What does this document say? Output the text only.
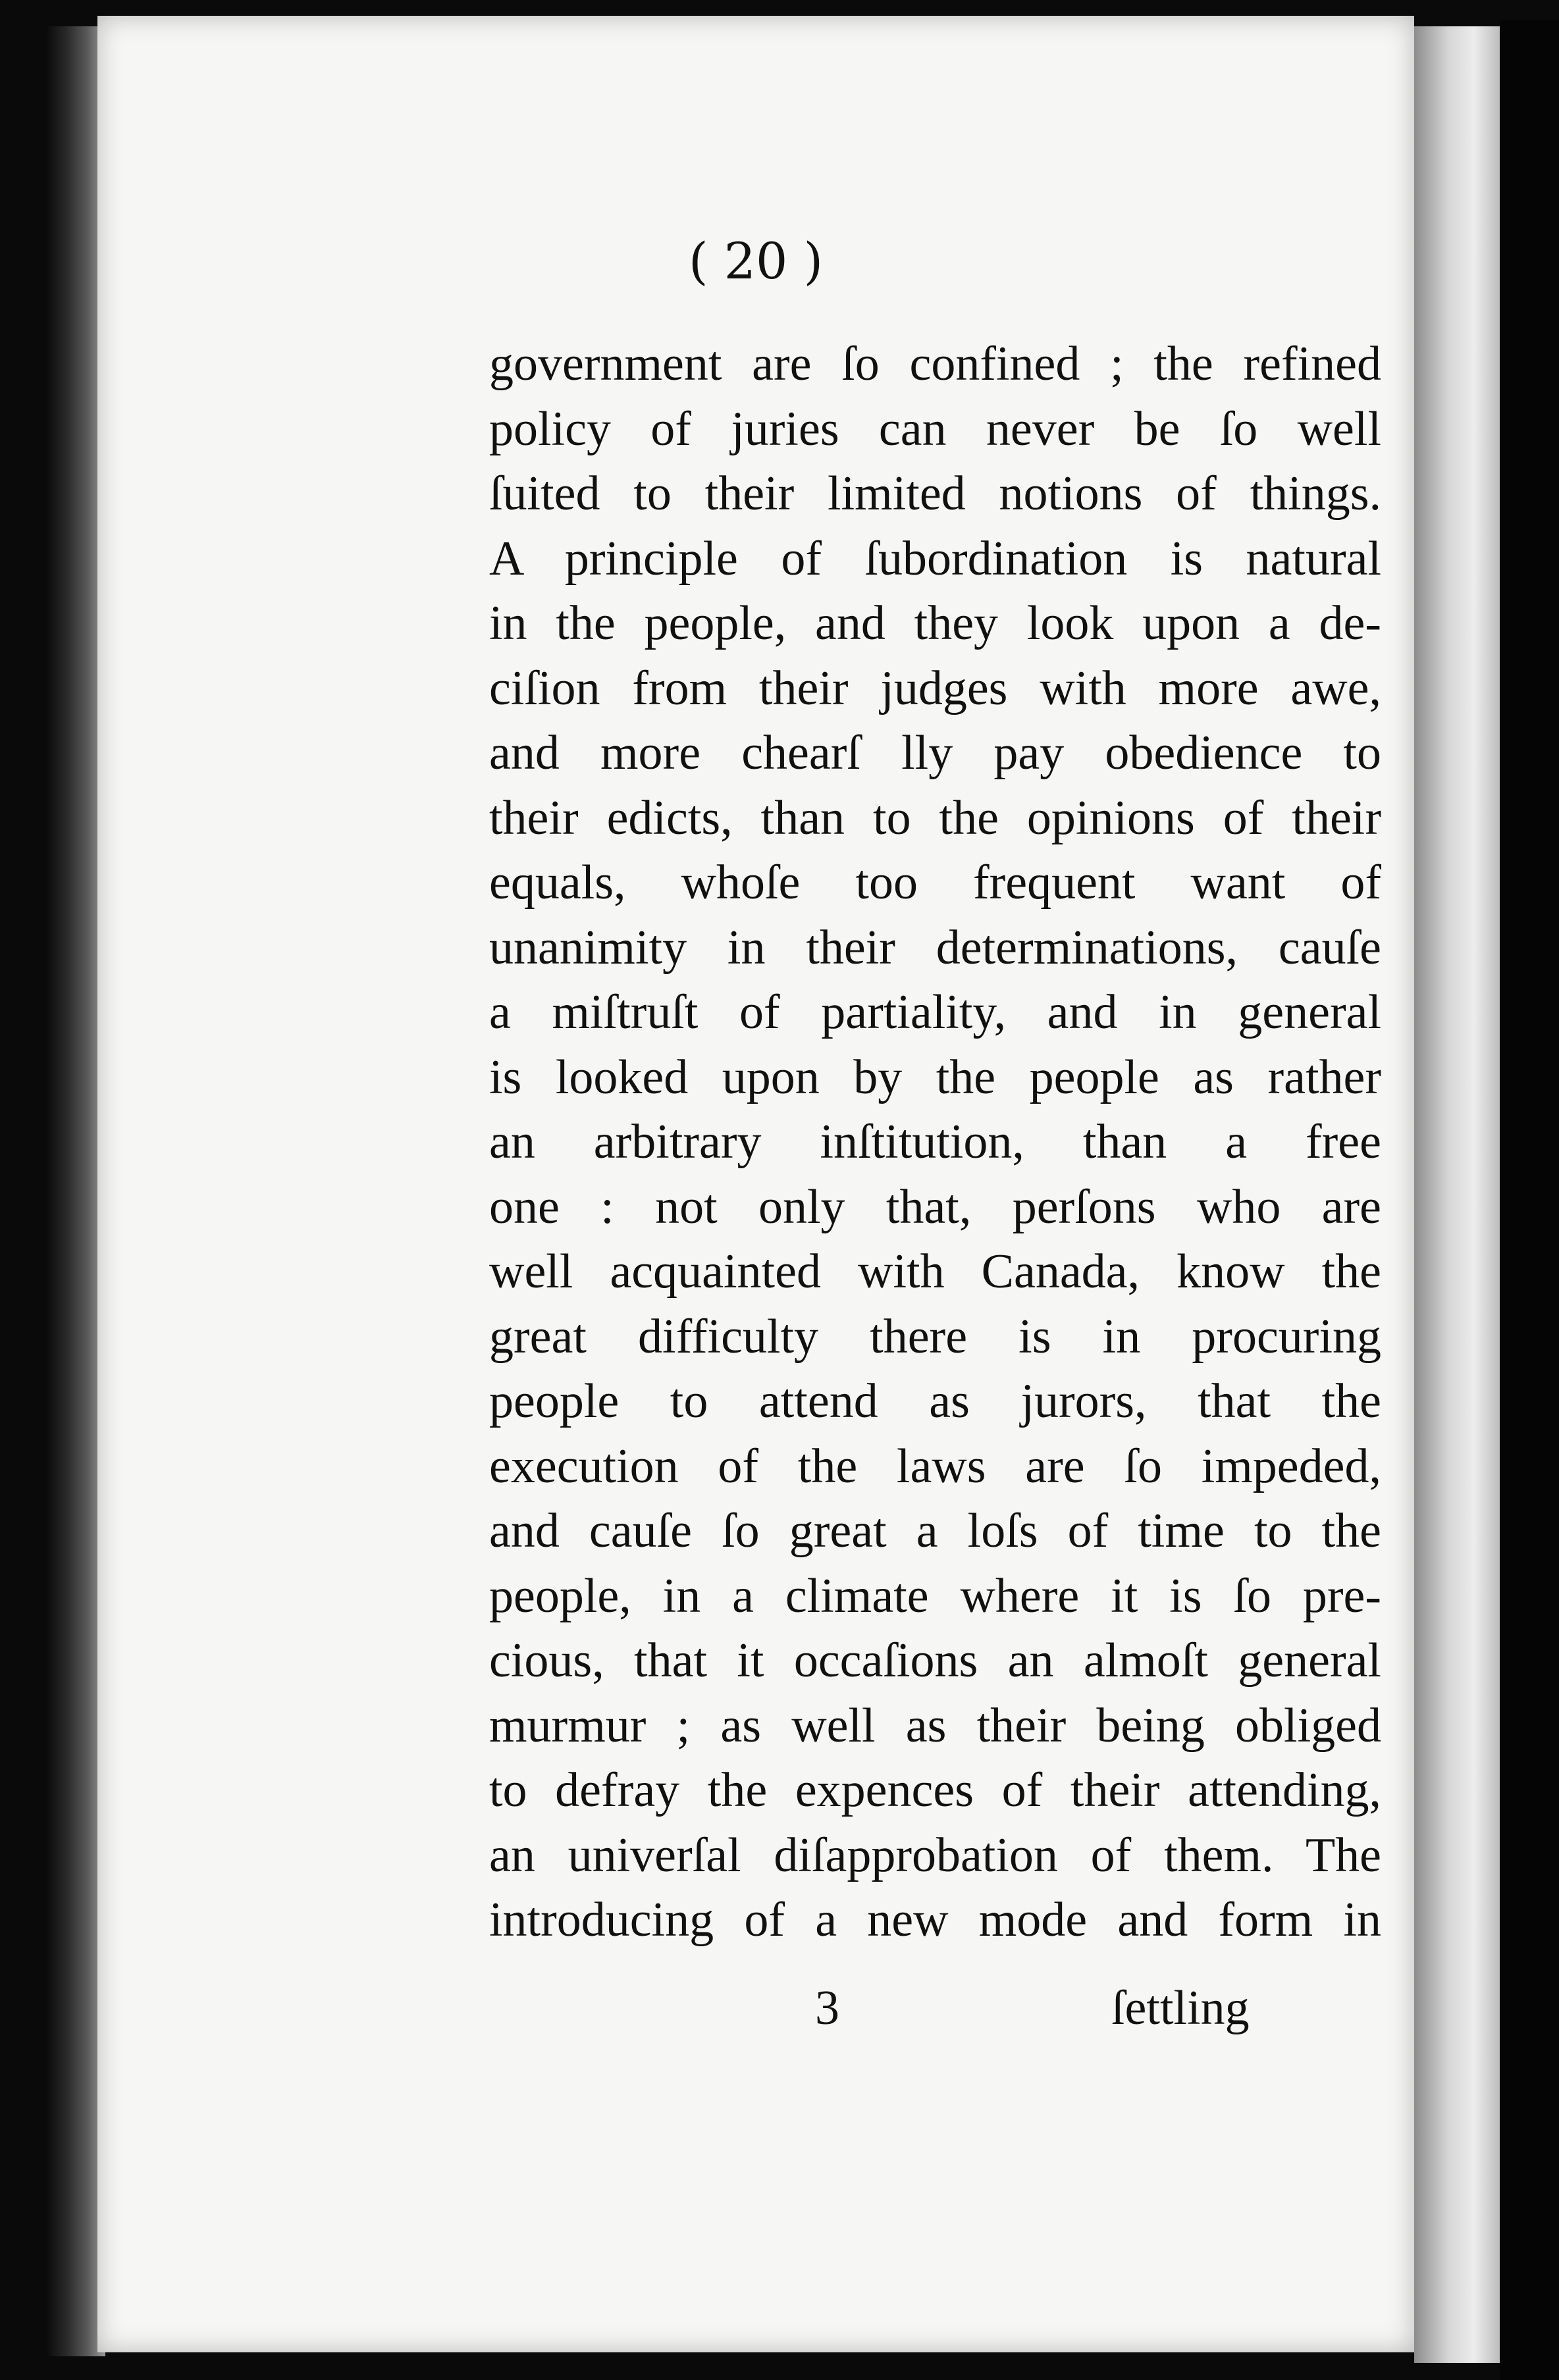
( 20 )
government are ſo confined ; the refined
policy of juries can never be ſo well
ſuited to their limited notions of things.
A principle of ſubordination is natural
in the people, and they look upon a de-
ciſion from their judges with more awe,
and more chearſ lly pay obedience to
their edicts, than to the opinions of their
equals, whoſe too frequent want of
unanimity in their determinations, cauſe
a miſtruſt of partiality, and in general
is looked upon by the people as rather
an arbitrary inſtitution, than a free
one : not only that, perſons who are
well acquainted with Canada, know the
great difficulty there is in procuring
people to attend as jurors, that the
execution of the laws are ſo impeded,
and cauſe ſo great a loſs of time to the
people, in a climate where it is ſo pre-
cious, that it occaſions an almoſt general
murmur ; as well as their being obliged
to defray the expences of their attending,
an univerſal diſapprobation of them. The
introducing of a new mode and form in
3	ſettling
